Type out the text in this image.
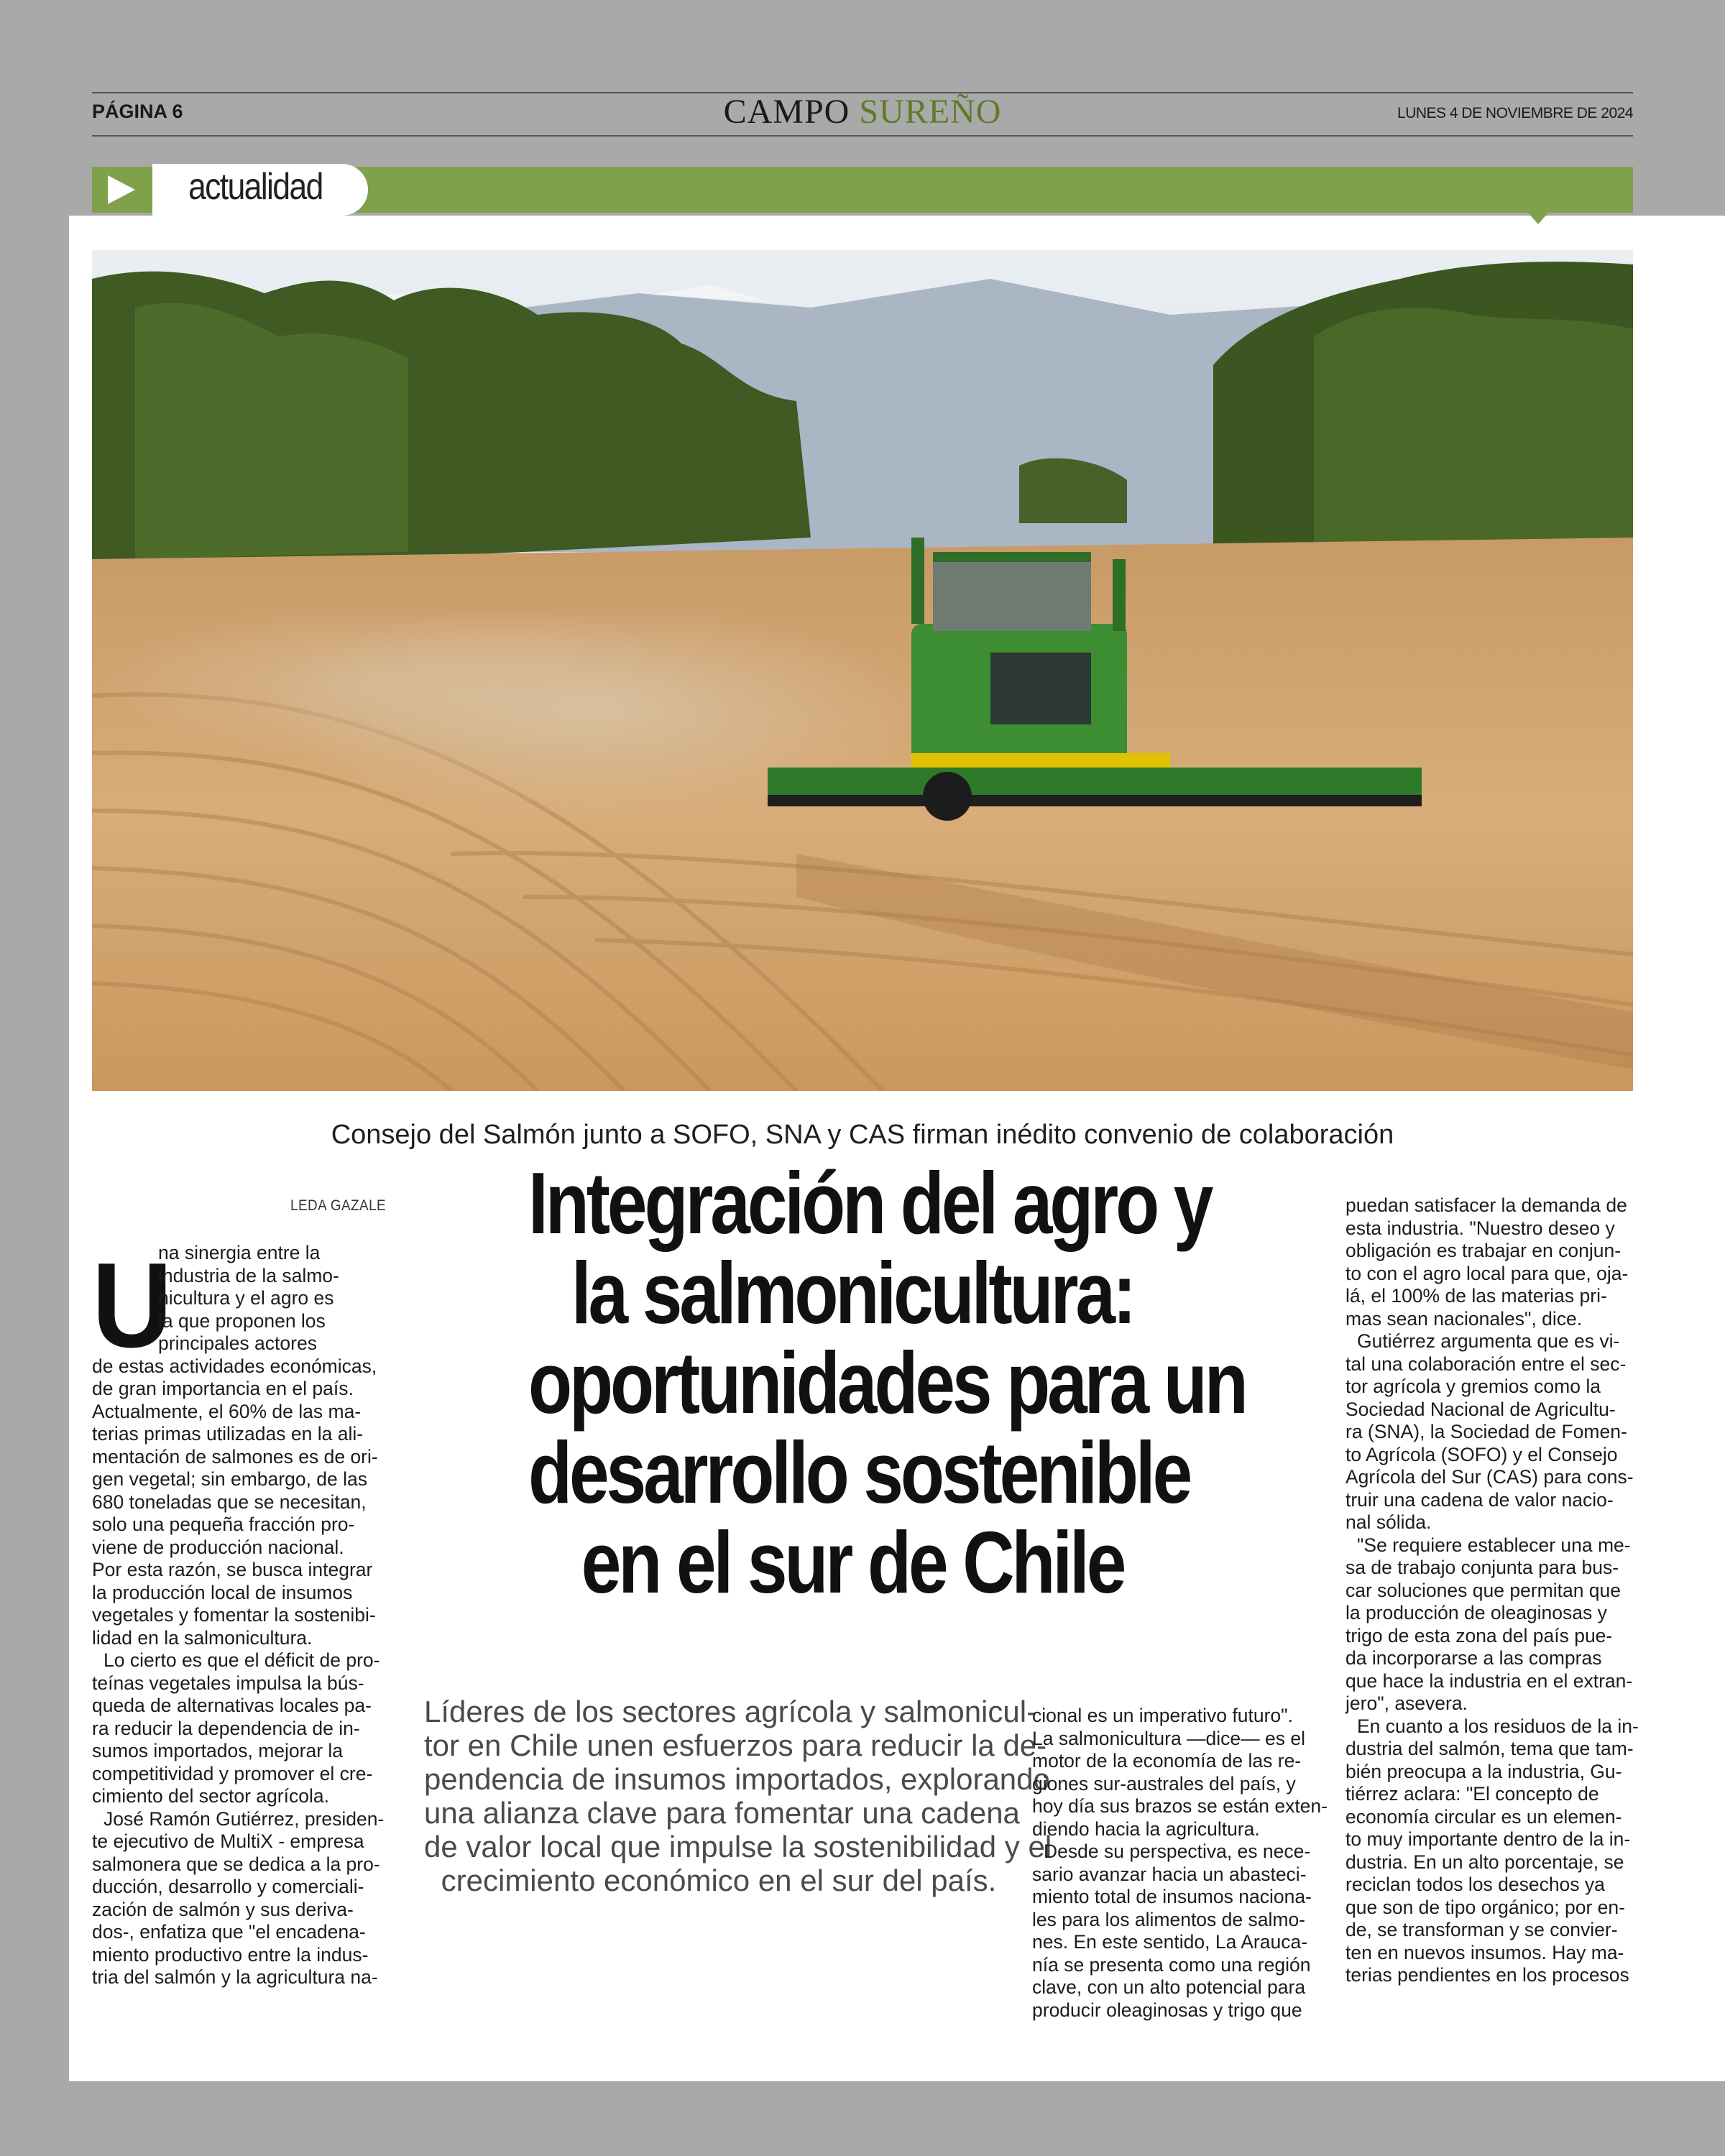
PÁGINA 6	CAMPO SUREÑO	LUNES 4 DE NOVIEMBRE DE 2024
actualidad
Consejo del Salmón junto a SOFO, SNA y CAS firman inédito convenio de colaboración
LEDA GAZALE Integración del agro y
la salmonicultura:
oportunidades para un
desarrollo sostenible
en el sur de Chile
U
na sinergia entre la
industria de la salmo-
nicultura y el agro es
la que proponen los
principales actores
de estas actividades económicas,
de gran importancia en el país.
Actualmente, el 60% de las ma-
terias primas utilizadas en la ali-
mentación de salmones es de ori-
gen vegetal; sin embargo, de las
680 toneladas que se necesitan,
solo una pequeña fracción pro-
viene de producción nacional.
Por esta razón, se busca integrar
la producción local de insumos
vegetales y fomentar la sostenibi-
lidad en la salmonicultura.
Lo cierto es que el déficit de pro-
teínas vegetales impulsa la bús-
queda de alternativas locales pa-
ra reducir la dependencia de in-
sumos importados, mejorar la
competitividad y promover el cre-
cimiento del sector agrícola.
José Ramón Gutiérrez, presiden-
te ejecutivo de MultiX - empresa
salmonera que se dedica a la pro-
ducción, desarrollo y comerciali-
zación de salmón y sus deriva-
dos-, enfatiza que "el encadena-
miento productivo entre la indus-
tria del salmón y la agricultura na-
Líderes de los sectores agrícola y salmonicul-
tor en Chile unen esfuerzos para reducir la de-
pendencia de insumos importados, explorando
una alianza clave para fomentar una cadena
de valor local que impulse la sostenibilidad y el
crecimiento económico en el sur del país.
cional es un imperativo futuro".
La salmonicultura —dice— es el
motor de la economía de las re-
giones sur-australes del país, y
hoy día sus brazos se están exten-
diendo hacia la agricultura.
Desde su perspectiva, es nece-
sario avanzar hacia un abasteci-
miento total de insumos naciona-
les para los alimentos de salmo-
nes. En este sentido, La Arauca-
nía se presenta como una región
clave, con un alto potencial para
producir oleaginosas y trigo que
puedan satisfacer la demanda de
esta industria. "Nuestro deseo y
obligación es trabajar en conjun-
to con el agro local para que, oja-
lá, el 100% de las materias pri-
mas sean nacionales", dice.
Gutiérrez argumenta que es vi-
tal una colaboración entre el sec-
tor agrícola y gremios como la
Sociedad Nacional de Agricultu-
ra (SNA), la Sociedad de Fomen-
to Agrícola (SOFO) y el Consejo
Agrícola del Sur (CAS) para cons-
truir una cadena de valor nacio-
nal sólida.
"Se requiere establecer una me-
sa de trabajo conjunta para bus-
car soluciones que permitan que
la producción de oleaginosas y
trigo de esta zona del país pue-
da incorporarse a las compras
que hace la industria en el extran-
jero", asevera.
En cuanto a los residuos de la in-
dustria del salmón, tema que tam-
bién preocupa a la industria, Gu-
tiérrez aclara: "El concepto de
economía circular es un elemen-
to muy importante dentro de la in-
dustria. En un alto porcentaje, se
reciclan todos los desechos ya
que son de tipo orgánico; por en-
de, se transforman y se convier-
ten en nuevos insumos. Hay ma-
terias pendientes en los procesos
